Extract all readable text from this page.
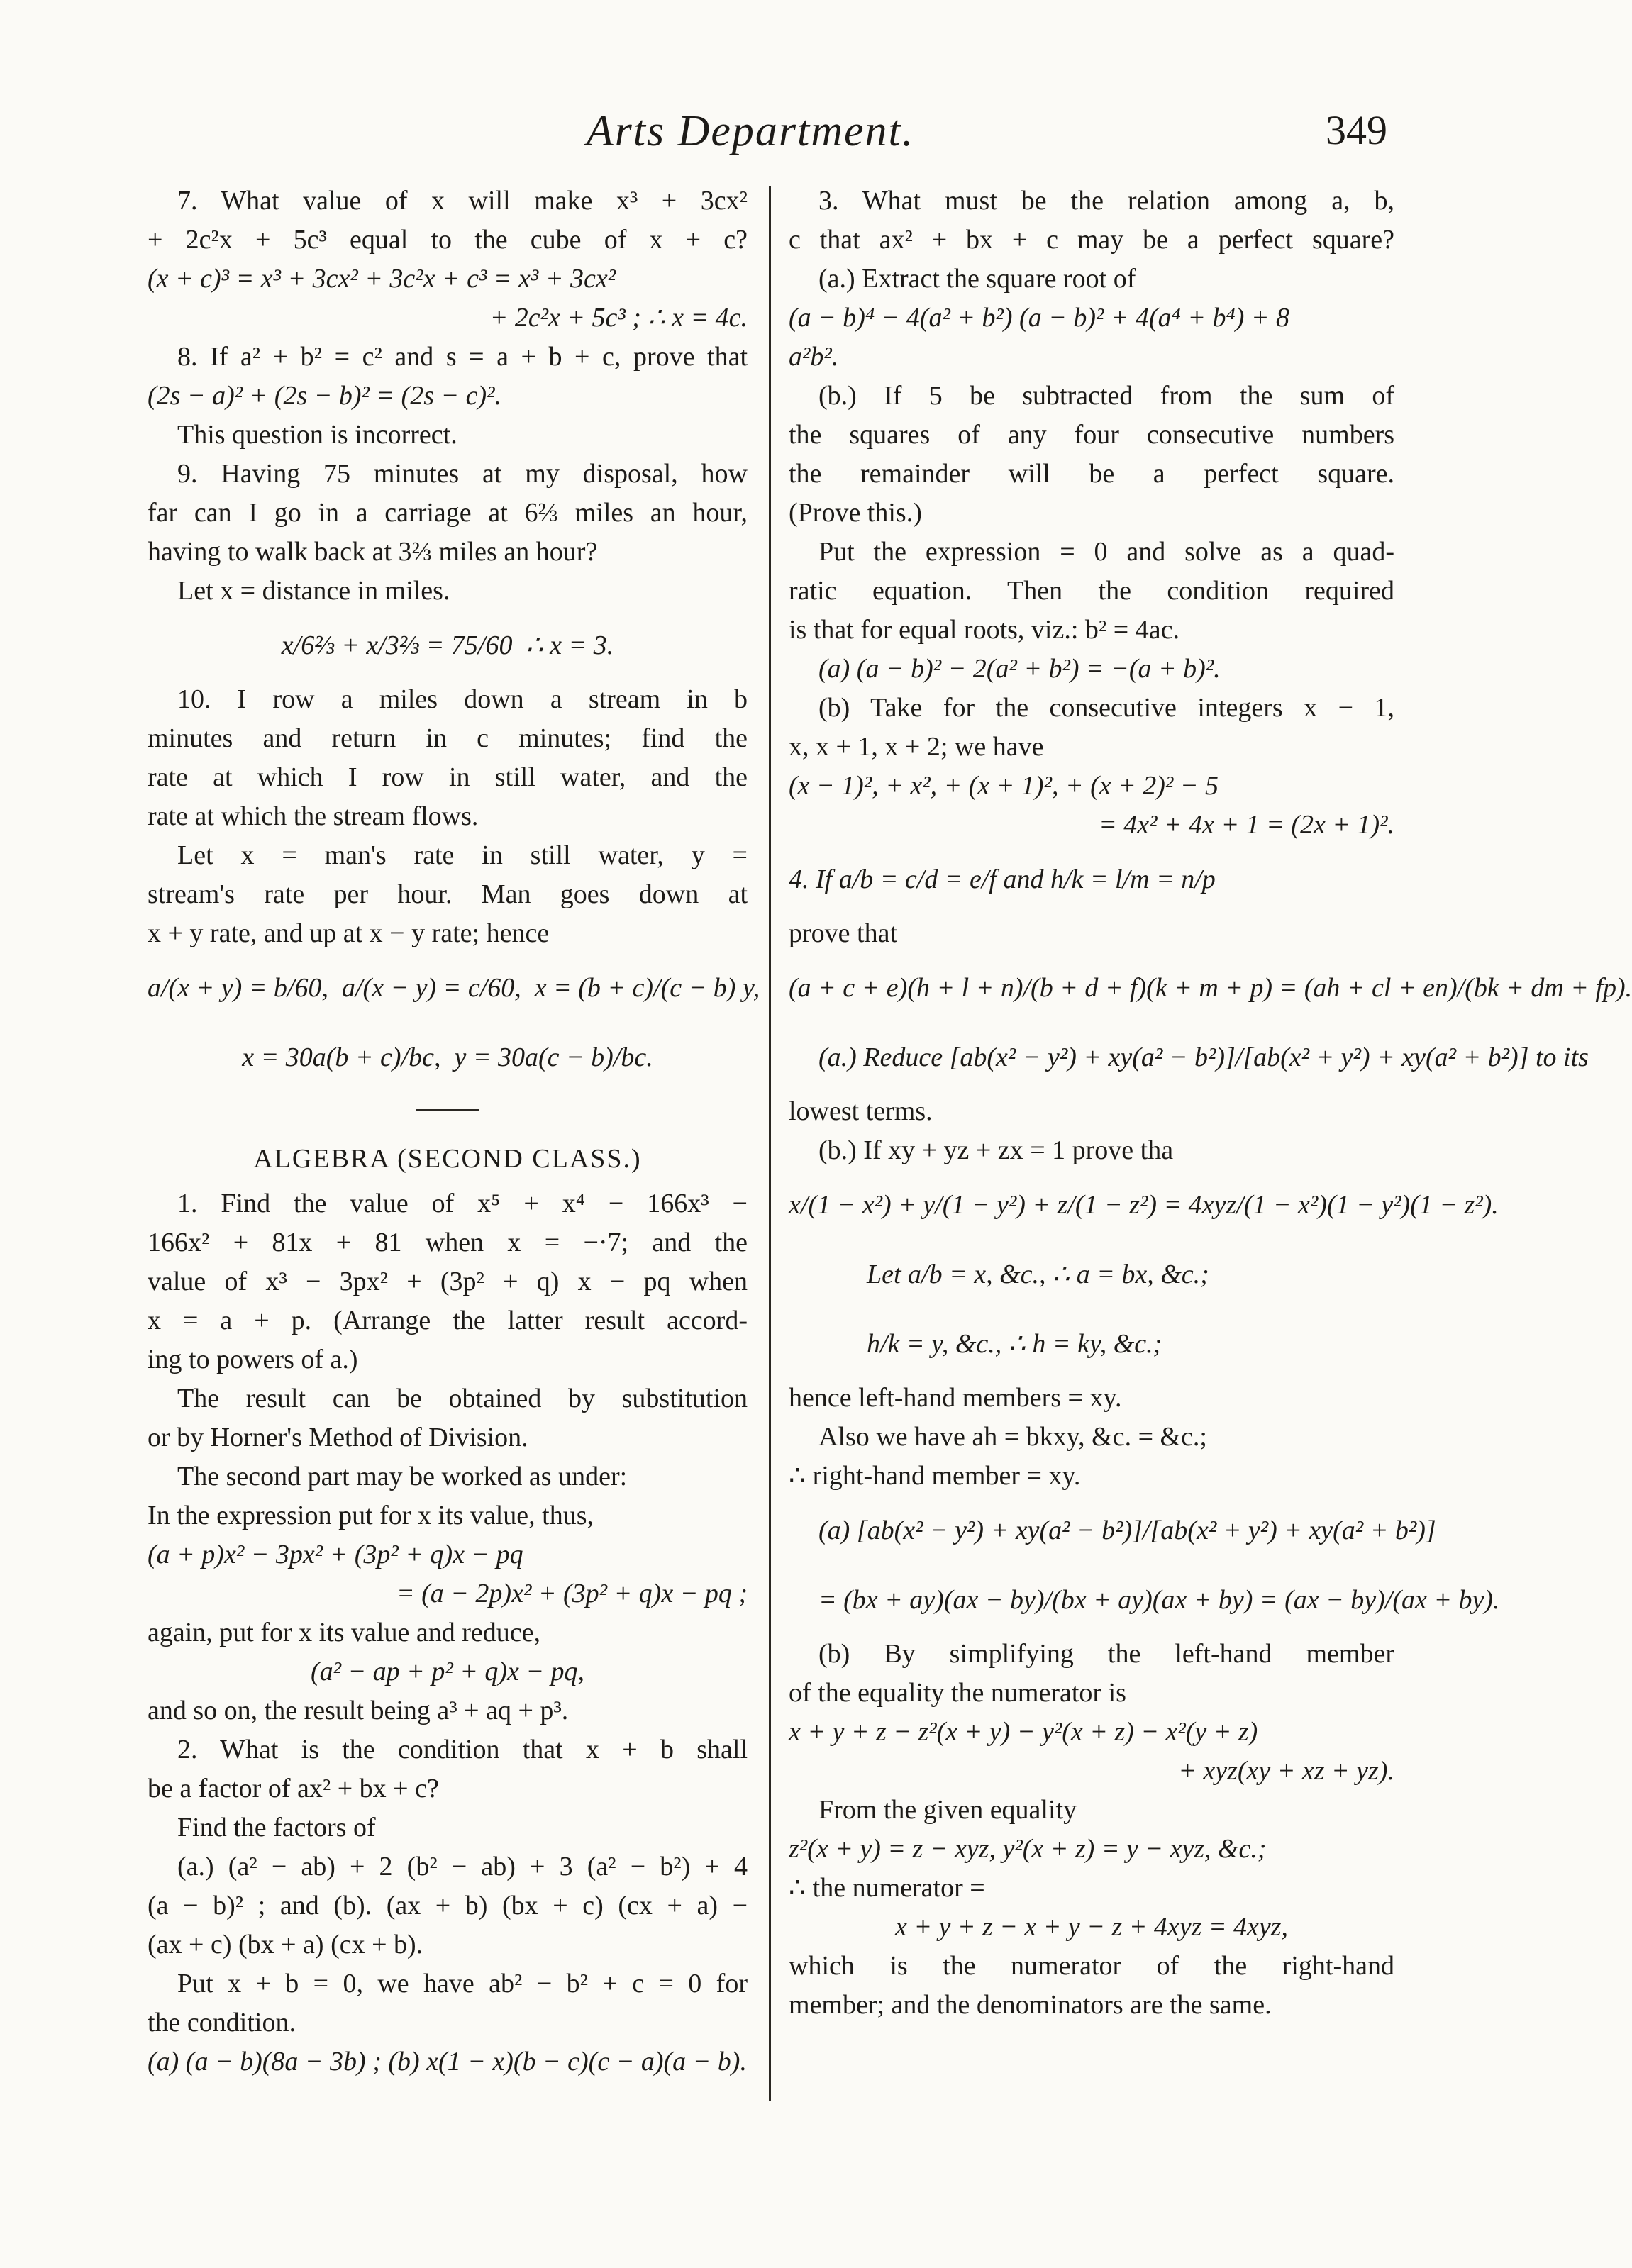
Arts Department.	349
7. What value of x will make x³ + 3cx²
+ 2c²x + 5c³ equal to the cube of x + c?
(x + c)³ = x³ + 3cx² + 3c²x + c³ = x³ + 3cx²
+ 2c²x + 5c³ ; ∴ x = 4c.
8. If a² + b² = c² and s = a + b + c, prove that
(2s − a)² + (2s − b)² = (2s − c)².
This question is incorrect.
9. Having 75 minutes at my disposal, how
far can I go in a carriage at 6⅔ miles an hour,
having to walk back at 3⅔ miles an hour?
Let x = distance in miles.
x/6⅔ + x/3⅔ = 75/60  ∴ x = 3.
10. I row a miles down a stream in b
minutes and return in c minutes; find the
rate at which I row in still water, and the
rate at which the stream flows.
Let x = man's rate in still water, y =
stream's rate per hour. Man goes down at
x + y rate, and up at x − y rate; hence
a/(x + y) = b/60,  a/(x − y) = c/60,  x = (b + c)/(c − b) y,
x = 30a(b + c)/bc,  y = 30a(c − b)/bc.
ALGEBRA (SECOND CLASS.)
1. Find the value of x⁵ + x⁴ − 166x³ −
166x² + 81x + 81 when x = −·7; and the
value of x³ − 3px² + (3p² + q) x − pq when
x = a + p. (Arrange the latter result accord-
ing to powers of a.)
The result can be obtained by substitution
or by Horner's Method of Division.
The second part may be worked as under:
In the expression put for x its value, thus,
(a + p)x² − 3px² + (3p² + q)x − pq
= (a − 2p)x² + (3p² + q)x − pq ;
again, put for x its value and reduce,
(a² − ap + p² + q)x − pq,
and so on, the result being a³ + aq + p³.
2. What is the condition that x + b shall
be a factor of ax² + bx + c?
Find the factors of
(a.) (a² − ab) + 2 (b² − ab) + 3 (a² − b²) + 4
(a − b)² ; and (b). (ax + b) (bx + c) (cx + a) −
(ax + c) (bx + a) (cx + b).
Put x + b = 0, we have ab² − b² + c = 0 for
the condition.
(a) (a − b)(8a − 3b) ; (b) x(1 − x)(b − c)(c − a)(a − b).
3. What must be the relation among a, b,
c that ax² + bx + c may be a perfect square?
(a.) Extract the square root of
(a − b)⁴ − 4(a² + b²) (a − b)² + 4(a⁴ + b⁴) + 8
a²b².
(b.) If 5 be subtracted from the sum of
the squares of any four consecutive numbers
the remainder will be a perfect square.
(Prove this.)
Put the expression = 0 and solve as a quad-
ratic equation. Then the condition required
is that for equal roots, viz.: b² = 4ac.
(a) (a − b)² − 2(a² + b²) = −(a + b)².
(b) Take for the consecutive integers x − 1,
x, x + 1, x + 2; we have
(x − 1)², + x², + (x + 1)², + (x + 2)² − 5
= 4x² + 4x + 1 = (2x + 1)².
4. If a/b = c/d = e/f and h/k = l/m = n/p
prove that
(a + c + e)(h + l + n)/(b + d + f)(k + m + p) = (ah + cl + en)/(bk + dm + fp).
(a.) Reduce [ab(x² − y²) + xy(a² − b²)]/[ab(x² + y²) + xy(a² + b²)] to its
lowest terms.
(b.) If xy + yz + zx = 1 prove tha
x/(1 − x²) + y/(1 − y²) + z/(1 − z²) = 4xyz/(1 − x²)(1 − y²)(1 − z²).
Let a/b = x, &c., ∴ a = bx, &c.;
h/k = y, &c., ∴ h = ky, &c.;
hence left-hand members = xy.
Also we have ah = bkxy, &c. = &c.;
∴ right-hand member = xy.
(a) [ab(x² − y²) + xy(a² − b²)]/[ab(x² + y²) + xy(a² + b²)]
= (bx + ay)(ax − by)/(bx + ay)(ax + by) = (ax − by)/(ax + by).
(b) By simplifying the left-hand member
of the equality the numerator is
x + y + z − z²(x + y) − y²(x + z) − x²(y + z)
+ xyz(xy + xz + yz).
From the given equality
z²(x + y) = z − xyz, y²(x + z) = y − xyz, &c.;
∴ the numerator =
x + y + z − x + y − z + 4xyz = 4xyz,
which is the numerator of the right-hand
member; and the denominators are the same.
